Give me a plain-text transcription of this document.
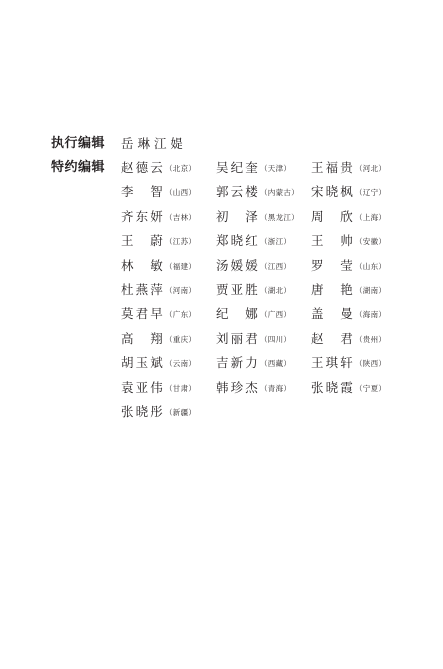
执行编辑 岳 琳 江 媞
特约编辑 赵德云 （北京） 吴纪奎 （天津） 王福贵 （河北）
李智 （山西） 郭云楼 （内蒙古） 宋晓枫 （辽宁）
齐东妍 （吉林） 初泽 （黑龙江） 周欣 （上海）
王蔚 （江苏） 郑晓红 （浙江） 王帅 （安徽）
林敏 （福建） 汤媛媛 （江西） 罗莹 （山东）
杜燕萍 （河南） 贾亚胜 （湖北） 唐艳 （湖南）
莫君早 （广东） 纪娜 （广西） 盖曼 （海南）
高翔 （重庆） 刘丽君 （四川） 赵君 （贵州）
胡玉斌 （云南） 吉新力 （西藏） 王琪轩 （陕西）
袁亚伟 （甘肃） 韩珍杰 （青海） 张晓霞 （宁夏）
张晓彤 （新疆）
